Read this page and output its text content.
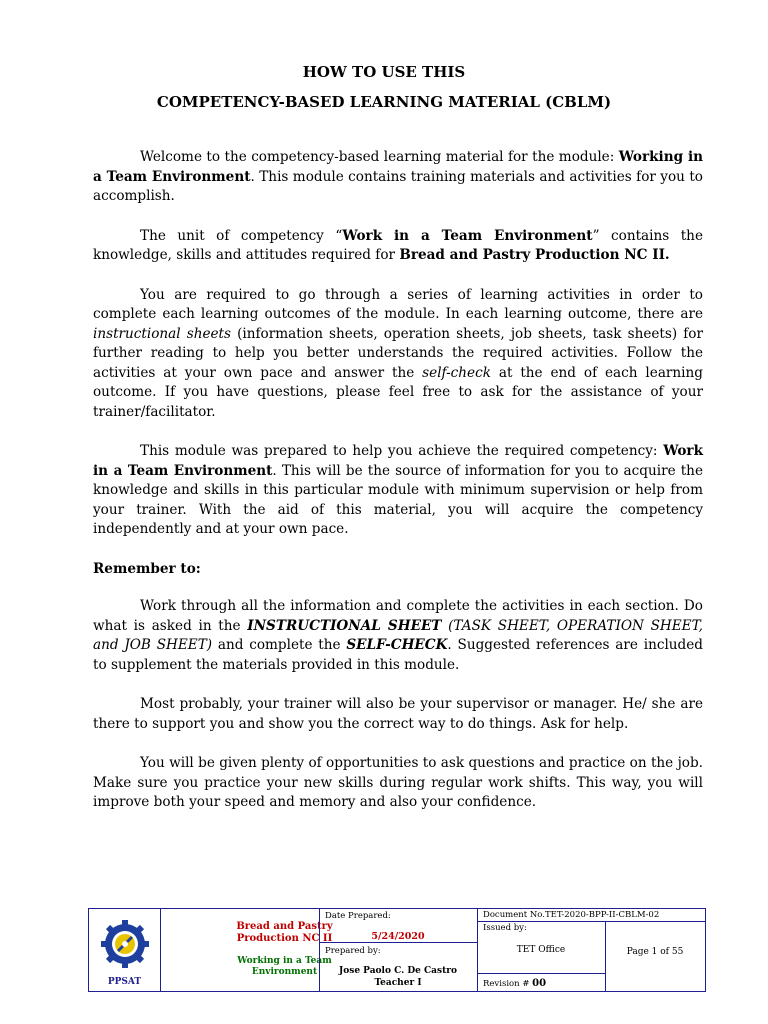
HOW TO USE THIS
COMPETENCY-BASED LEARNING MATERIAL (CBLM)

Welcome to the competency-based learning material for the module: Working in a Team Environment. This module contains training materials and activities for you to accomplish.

The unit of competency “Work in a Team Environment” contains the knowledge, skills and attitudes required for Bread and Pastry Production NC II.

You are required to go through a series of learning activities in order to complete each learning outcomes of the module. In each learning outcome, there are instructional sheets (information sheets, operation sheets, job sheets, task sheets) for further reading to help you better understands the required activities. Follow the activities at your own pace and answer the self-check at the end of each learning outcome. If you have questions, please feel free to ask for the assistance of your trainer/facilitator.

This module was prepared to help you achieve the required competency: Work in a Team Environment. This will be the source of information for you to acquire the knowledge and skills in this particular module with minimum supervision or help from your trainer. With the aid of this material, you will acquire the competency independently and at your own pace.

Remember to:

Work through all the information and complete the activities in each section. Do what is asked in the INSTRUCTIONAL SHEET (TASK SHEET, OPERATION SHEET, and JOB SHEET) and complete the SELF-CHECK. Suggested references are included to supplement the materials provided in this module.

Most probably, your trainer will also be your supervisor or manager. He/ she are there to support you and show you the correct way to do things. Ask for help.

You will be given plenty of opportunities to ask questions and practice on the job. Make sure you practice your new skills during regular work shifts. This way, you will improve both your speed and memory and also your confidence.

PPSAT
Bread and Pastry
Production NC II
Working in a Team
Environment
Date Prepared:
5/24/2020
Prepared by:
Jose Paolo C. De Castro
Teacher I
Document No.TET-2020-BPP-II-CBLM-02
Issued by:
TET Office
Revision # 00
Page 1 of 55
